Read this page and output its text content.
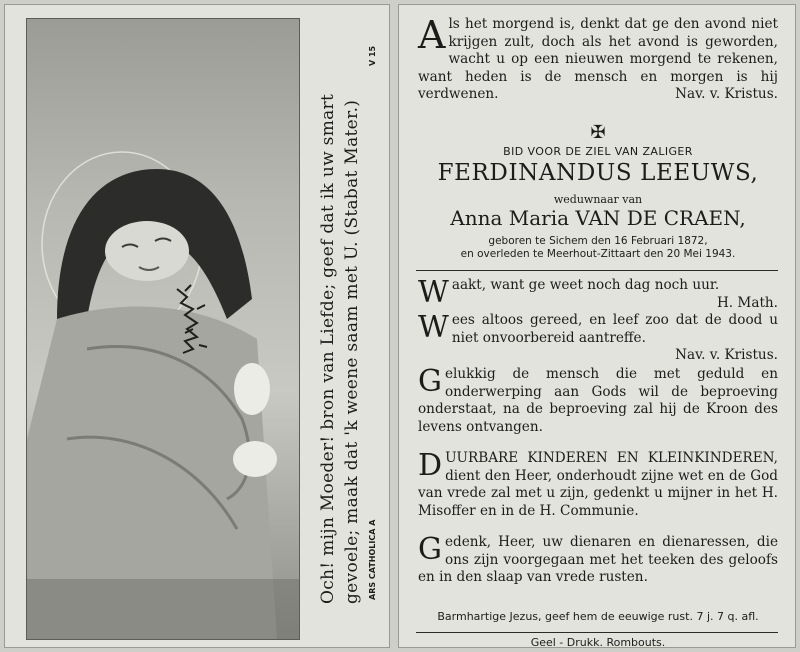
Och! mijn Moeder! bron van Liefde; geef dat ik uw smart gevoele; maak dat 'k weene saam met U. (Stabat Mater.) ARS CATHOLICA A
V 15 Als het morgend is, denkt dat ge den avond niet krijgen zult, doch als het avond is geworden, wacht u op een nieuwen morgend te rekenen, want heden is de mensch en morgen is hij verdwenen.	Nav. v. Kristus.

✠
BID VOOR DE ZIEL VAN ZALIGER
FERDINANDUS LEEUWS,
weduwnaar van
Anna Maria VAN DE CRAEN,
geboren te Sichem den 16 Februari 1872,
en overleden te Meerhout-Zittaart den 20 Mei 1943.

Waakt, want ge weet noch dag noch uur.

H. Math.

Wees altoos gereed, en leef zoo dat de dood u niet onvoorbereid aantreffe.

Nav. v. Kristus.

Gelukkig de mensch die met geduld en onderwerping aan Gods wil de beproeving onderstaat, na de beproeving zal hij de Kroon des levens ontvangen.

DUURBARE KINDEREN EN KLEINKINDEREN, dient den Heer, onderhoudt zijne wet en de God van vrede zal met u zijn, gedenkt u mijner in het H. Misoffer en in de H. Communie.

Gedenk, Heer, uw dienaren en dienaressen, die ons zijn voorgegaan met het teeken des geloofs en in den slaap van vrede rusten.

Barmhartige Jezus, geef hem de eeuwige rust. 7 j. 7 q. afl.
Geel - Drukk. Rombouts.
